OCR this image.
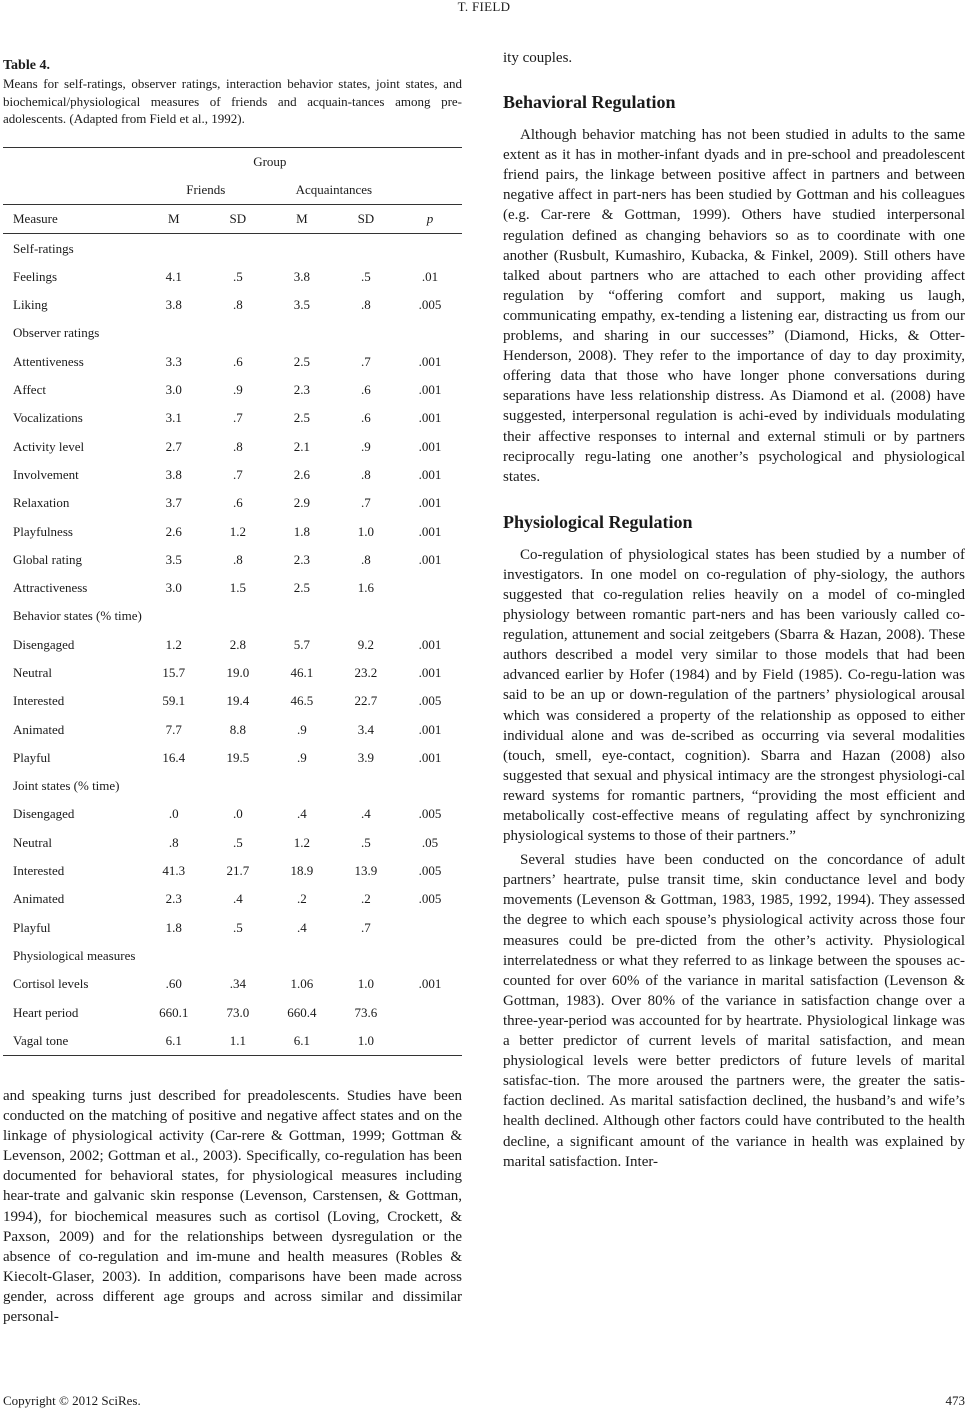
T. FIELD
Table 4.
Means for self-ratings, observer ratings, interaction behavior states, joint states, and biochemical/physiological measures of friends and acquain-tances among pre-adolescents. (Adapted from Field et al., 1992).
	Group				
	Friends		Acquaintances		
Measure	M	SD	M	SD	p
Self-ratings					
Feelings	4.1	.5	3.8	.5	.01
Liking	3.8	.8	3.5	.8	.005
Observer ratings					
Attentiveness	3.3	.6	2.5	.7	.001
Affect	3.0	.9	2.3	.6	.001
Vocalizations	3.1	.7	2.5	.6	.001
Activity level	2.7	.8	2.1	.9	.001
Involvement	3.8	.7	2.6	.8	.001
Relaxation	3.7	.6	2.9	.7	.001
Playfulness	2.6	1.2	1.8	1.0	.001
Global rating	3.5	.8	2.3	.8	.001
Attractiveness	3.0	1.5	2.5	1.6	
Behavior states (% time)					
Disengaged	1.2	2.8	5.7	9.2	.001
Neutral	15.7	19.0	46.1	23.2	.001
Interested	59.1	19.4	46.5	22.7	.005
Animated	7.7	8.8	.9	3.4	.001
Playful	16.4	19.5	.9	3.9	.001
Joint states (% time)					
Disengaged	.0	.0	.4	.4	.005
Neutral	.8	.5	1.2	.5	.05
Interested	41.3	21.7	18.9	13.9	.005
Animated	2.3	.4	.2	.2	.005
Playful	1.8	.5	.4	.7	
Physiological measures					
Cortisol levels	.60	.34	1.06	1.0	.001
Heart period	660.1	73.0	660.4	73.6	
Vagal tone	6.1	1.1	6.1	1.0	

and speaking turns just described for preadolescents. Studies have been conducted on the matching of positive and negative affect states and on the linkage of physiological activity (Car-rere & Gottman, 1999; Gottman & Levenson, 2002; Gottman et al., 2003). Specifically, co-regulation has been documented for behavioral states, for physiological measures including hear-trate and galvanic skin response (Levenson, Carstensen, & Gottman, 1994), for biochemical measures such as cortisol (Loving, Crockett, & Paxson, 2009) and for the relationships between dysregulation or the absence of co-regulation and im-mune and health measures (Robles & Kiecolt-Glaser, 2003). In addition, comparisons have been made across gender, across different age groups and across similar and dissimilar personal-

ity couples.

Behavioral Regulation

Although behavior matching has not been studied in adults to the same extent as it has in mother-infant dyads and in pre-school and preadolescent friend pairs, the linkage between positive affect in partners and between negative affect in part-ners has been studied by Gottman and his colleagues (e.g. Car-rere & Gottman, 1999). Others have studied interpersonal regulation defined as changing behaviors so as to coordinate with one another (Rusbult, Kumashiro, Kubacka, & Finkel, 2009). Still others have talked about partners who are attached to each other providing affect regulation by “offering comfort and support, making us laugh, communicating empathy, ex-tending a listening ear, distracting us from our problems, and sharing in our successes” (Diamond, Hicks, & Otter-Henderson, 2008). They refer to the importance of day to day proximity, offering data that those who have longer phone conversations during separations have less relationship distress. As Diamond et al. (2008) have suggested, interpersonal regulation is achi-eved by individuals modulating their affective responses to internal and external stimuli or by partners reciprocally regu-lating one another’s psychological and physiological states.

Physiological Regulation

Co-regulation of physiological states has been studied by a number of investigators. In one model on co-regulation of phy-siology, the authors suggested that co-regulation relies heavily on a model of co-mingled physiology between romantic part-ners and has been variously called co-regulation, attunement and social zeitgebers (Sbarra & Hazan, 2008). These authors described a model very similar to those models that had been advanced earlier by Hofer (1984) and by Field (1985). Co-regu-lation was said to be an up or down-regulation of the partners’ physiological arousal which was considered a property of the relationship as opposed to either individual alone and was de-scribed as occurring via several modalities (touch, smell, eye-contact, cognition). Sbarra and Hazan (2008) also suggested that sexual and physical intimacy are the strongest physiologi-cal reward systems for romantic partners, “providing the most efficient and metabolically cost-effective means of regulating affect by synchronizing physiological systems to those of their partners.”

Several studies have been conducted on the concordance of adult partners’ heartrate, pulse transit time, skin conductance level and body movements (Levenson & Gottman, 1983, 1985, 1992, 1994). They assessed the degree to which each spouse’s physiological activity across those four measures could be pre-dicted from the other’s activity. Physiological interrelatedness or what they referred to as linkage between the spouses ac-counted for over 60% of the variance in marital satisfaction (Levenson & Gottman, 1983). Over 80% of the variance in satisfaction change over a three-year-period was accounted for by heartrate. Physiological linkage was a better predictor of current levels of marital satisfaction, and mean physiological levels were better predictors of future levels of marital satisfac-tion. The more aroused the partners were, the greater the satis-faction declined. As marital satisfaction declined, the husband’s and wife’s health declined. Although other factors could have contributed to the health decline, a significant amount of the variance in health was explained by marital satisfaction. Inter-

Copyright © 2012 SciRes.	473
